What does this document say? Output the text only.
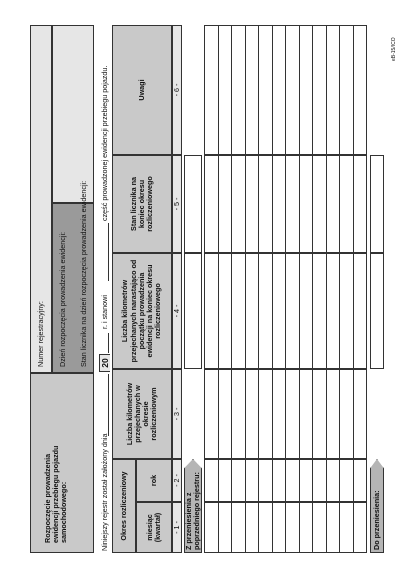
Rozpoczęcie prowadzenia ewidencji przebiegu pojazdu samochodowego:
Numer rejestracyjny: Dzień rozpoczęcia prowadzenia ewidencji: Stan licznika na dzień rozpoczęcia prowadzenia ewidencji:
Niniejszy rejestr został założony dnia
20
r. i stanowi
część prowadzonej ewidencji przebiegu pojazdu.
Okres rozliczeniowy	miesiąc (kwartał)
rok
Liczba kilometrów przejechanych w okresie rozliczeniowym
Liczba kilometrów przejechanych narastająco od początku prowadzenia ewidencji na koniec okresu rozliczeniowego
Stan licznika na koniec okresu rozliczeniowego
Uwagi
- 1 -
- 2 -
- 3 -
- 4 -
- 5 -
- 6 -
Z przeniesienia z poprzedniego rejestru:	Do przeniesienia:
eB-15/ICO
